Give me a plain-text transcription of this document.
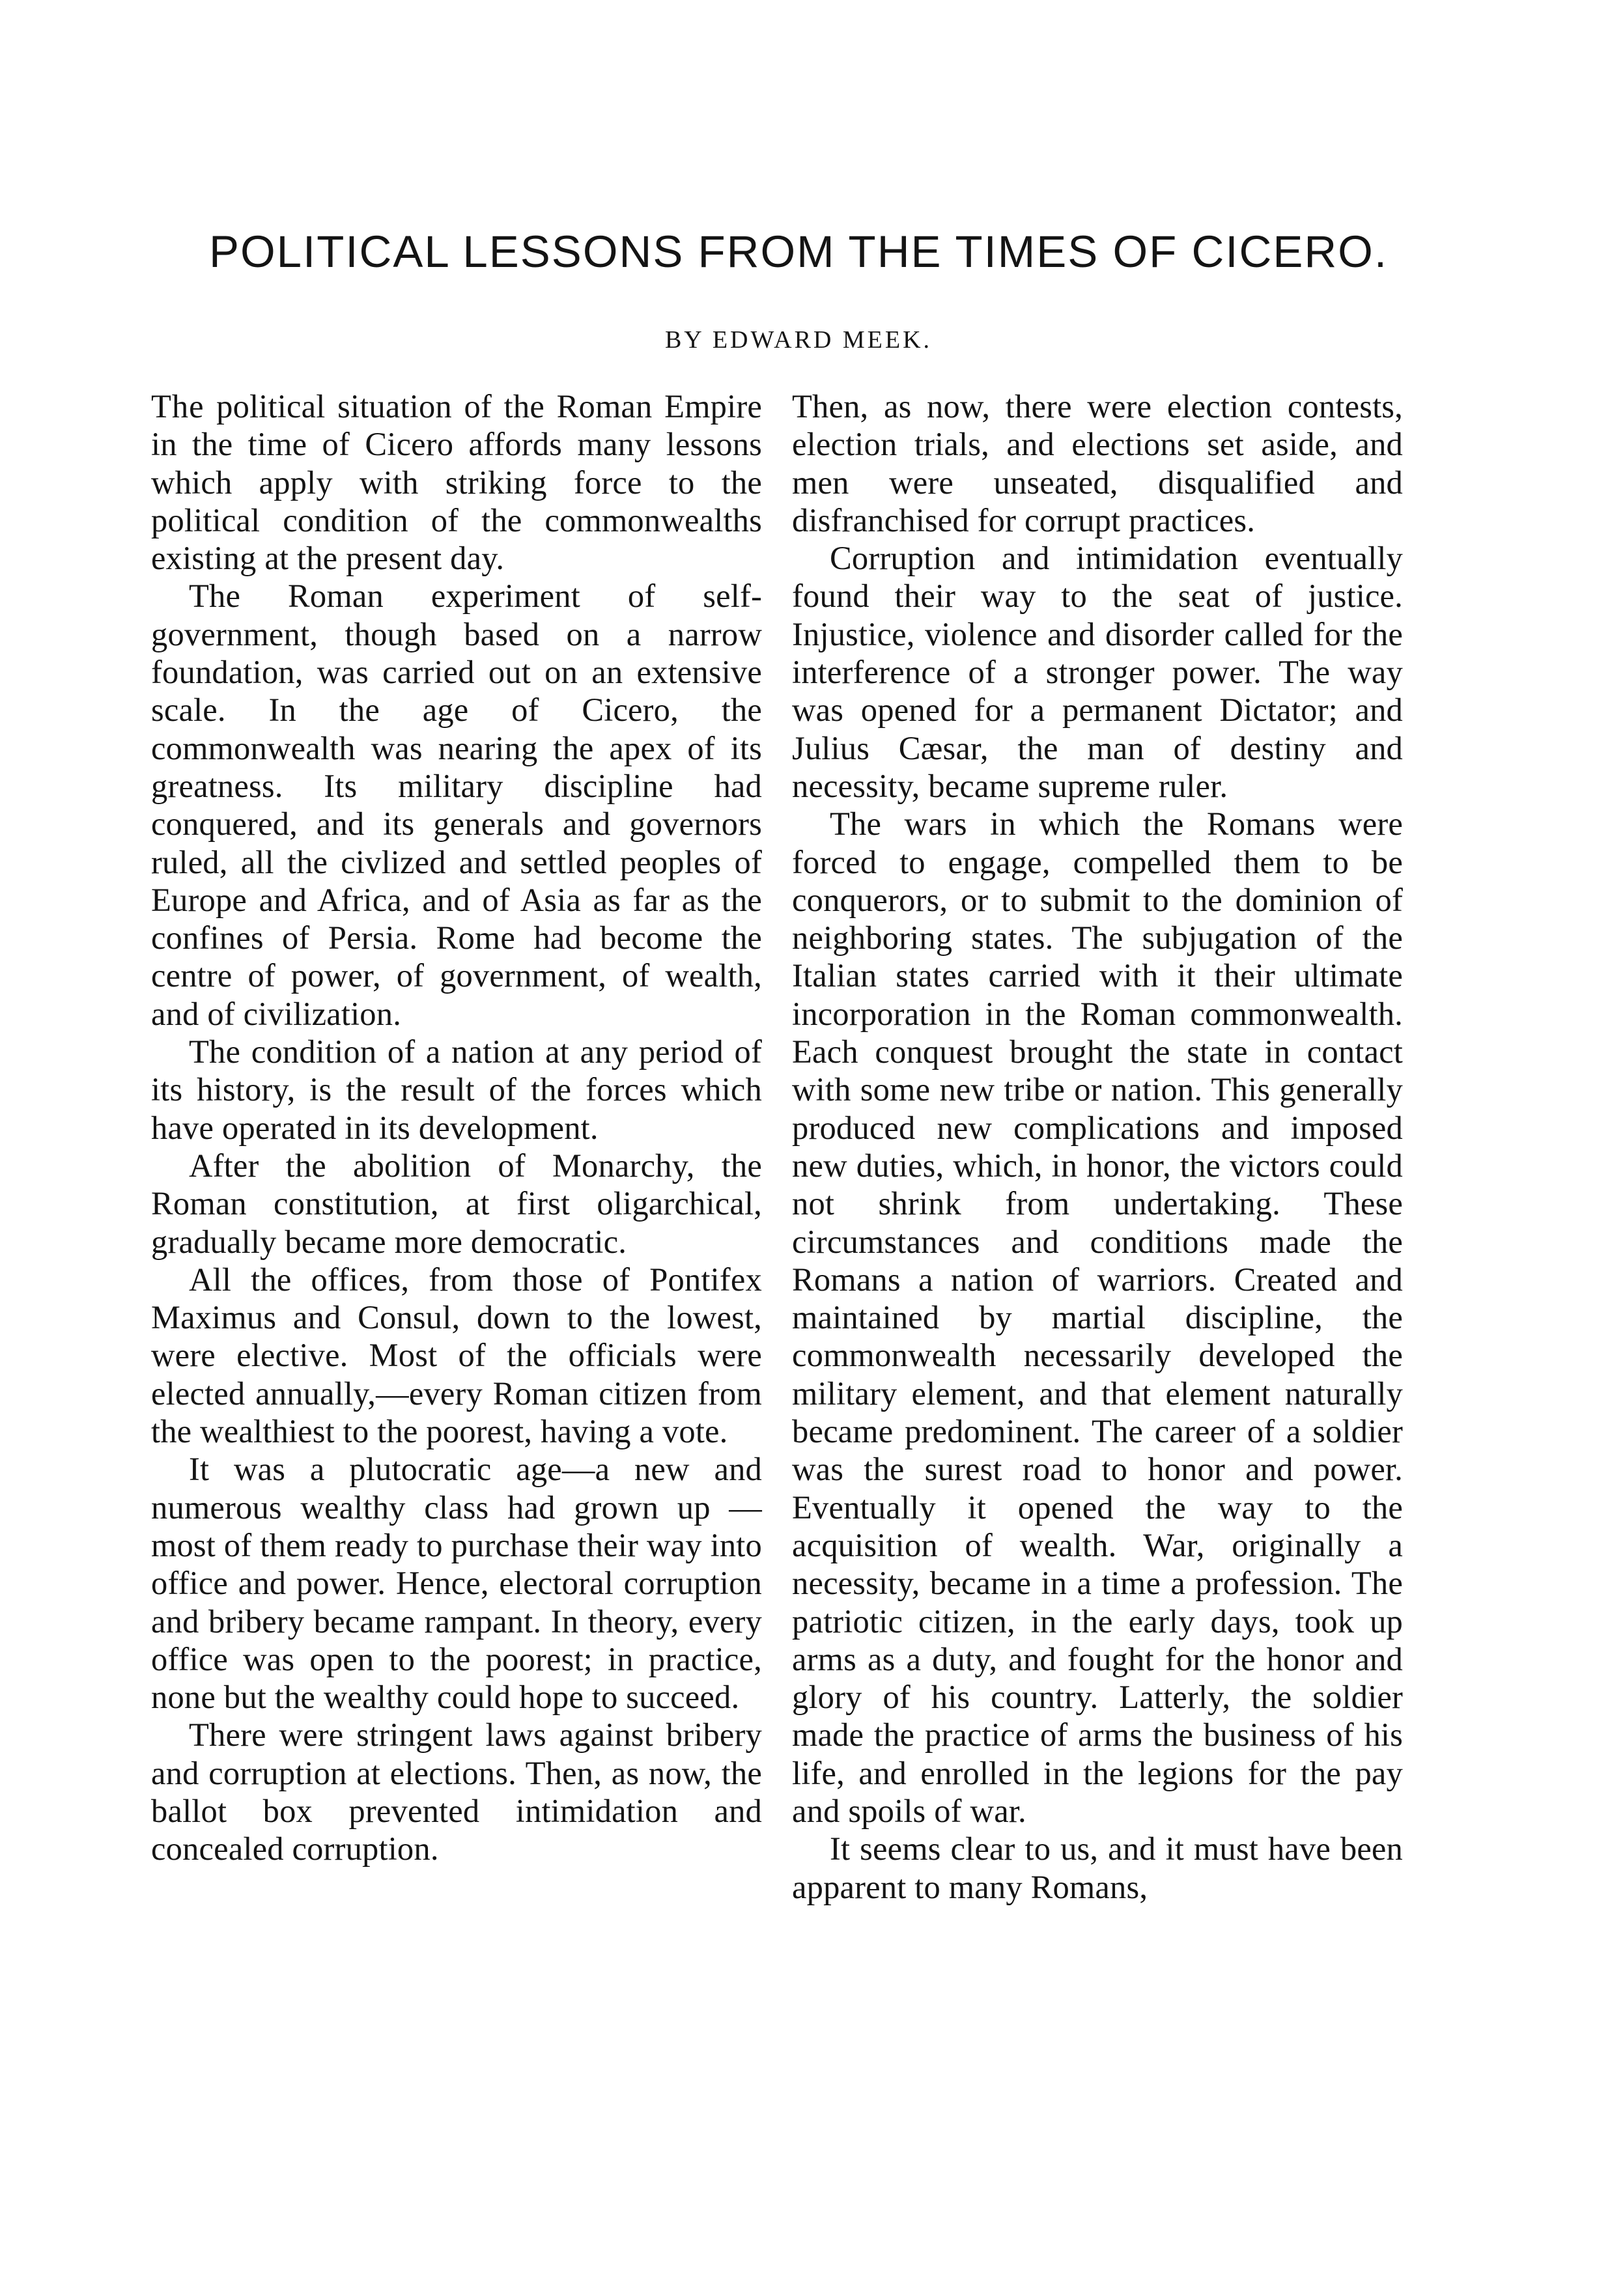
POLITICAL LESSONS FROM THE TIMES OF CICERO.
BY EDWARD MEEK.

The political situation of the Roman Empire in the time of Cicero affords many lessons which apply with striking force to the political condition of the commonwealths existing at the present day.

The Roman experiment of self-government, though based on a narrow foundation, was carried out on an extensive scale. In the age of Cicero, the commonwealth was nearing the apex of its greatness. Its military discipline had conquered, and its generals and governors ruled, all the civlized and settled peoples of Europe and Africa, and of Asia as far as the confines of Persia. Rome had become the centre of power, of government, of wealth, and of civilization.

The condition of a nation at any period of its history, is the result of the forces which have operated in its development.

After the abolition of Monarchy, the Roman constitution, at first oligarchical, gradually became more democratic.

All the offices, from those of Pontifex Maximus and Consul, down to the lowest, were elective. Most of the officials were elected annually,—every Roman citizen from the wealthiest to the poorest, having a vote.

It was a plutocratic age—a new and numerous wealthy class had grown up —most of them ready to purchase their way into office and power. Hence, electoral corruption and bribery became rampant. In theory, every office was open to the poorest; in practice, none but the wealthy could hope to succeed.

There were stringent laws against bribery and corruption at elections. Then, as now, the ballot box prevented intimidation and concealed corruption.

Then, as now, there were election contests, election trials, and elections set aside, and men were unseated, disqualified and disfranchised for corrupt practices.

Corruption and intimidation eventually found their way to the seat of justice. Injustice, violence and disorder called for the interference of a stronger power. The way was opened for a permanent Dictator; and Julius Cæsar, the man of destiny and necessity, became supreme ruler.

The wars in which the Romans were forced to engage, compelled them to be conquerors, or to submit to the dominion of neighboring states. The subjugation of the Italian states carried with it their ultimate incorporation in the Roman commonwealth. Each conquest brought the state in contact with some new tribe or nation. This generally produced new complications and imposed new duties, which, in honor, the victors could not shrink from undertaking. These circumstances and conditions made the Romans a nation of warriors. Created and maintained by martial discipline, the commonwealth necessarily developed the military element, and that element naturally became predominent. The career of a soldier was the surest road to honor and power. Eventually it opened the way to the acquisition of wealth. War, originally a necessity, became in a time a profession. The patriotic citizen, in the early days, took up arms as a duty, and fought for the honor and glory of his country. Latterly, the soldier made the practice of arms the business of his life, and enrolled in the legions for the pay and spoils of war.

It seems clear to us, and it must have been apparent to many Romans,
